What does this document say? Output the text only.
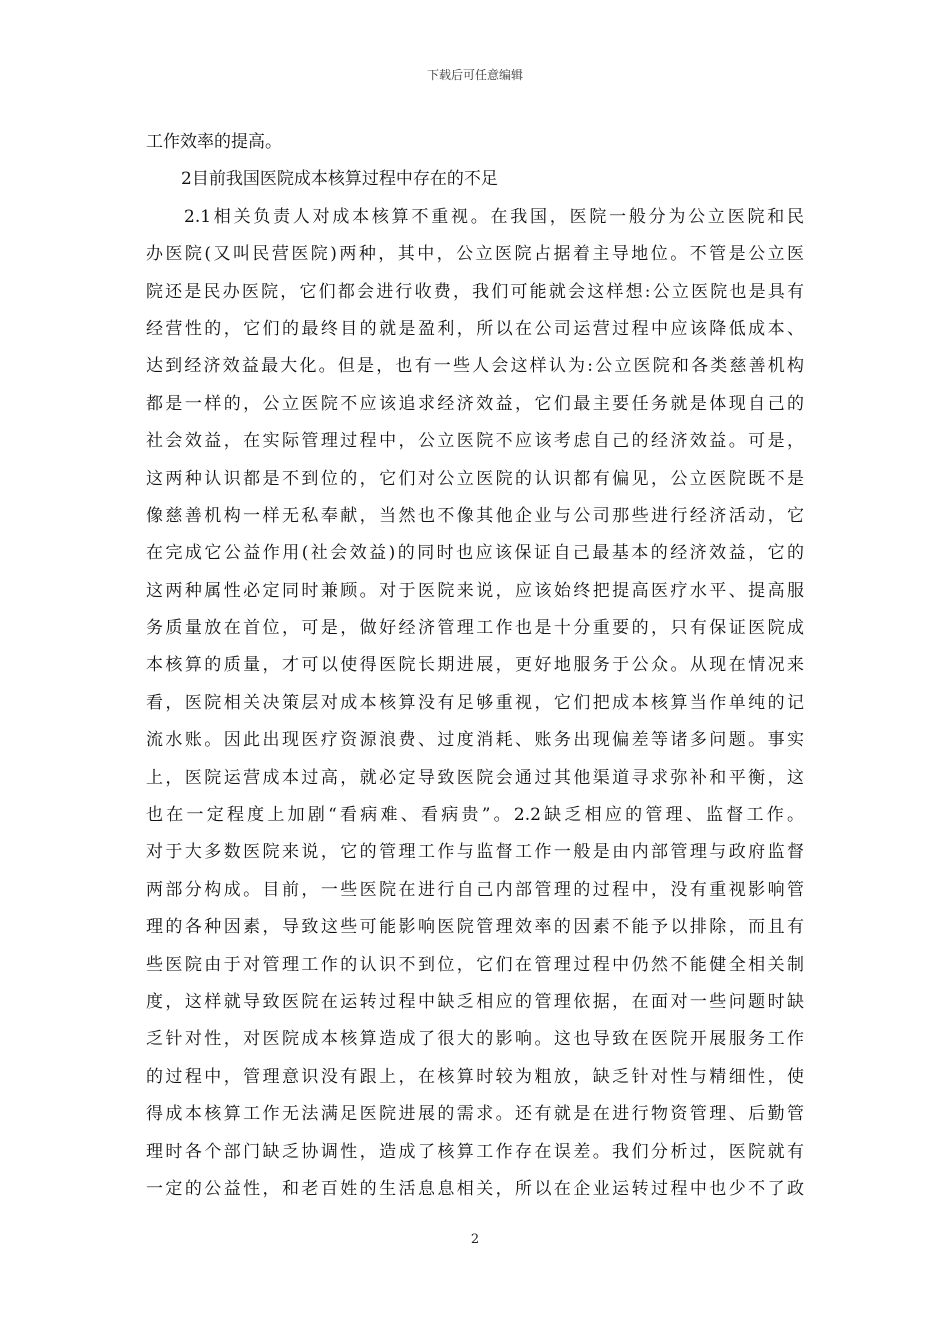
下载后可任意编辑
工作效率的提高。
2目前我国医院成本核算过程中存在的不足
2.1相关负责人对成本核算不重视。在我国，医院一般分为公立医院和民
办医院(又叫民营医院)两种，其中，公立医院占据着主导地位。不管是公立医
院还是民办医院，它们都会进行收费，我们可能就会这样想:公立医院也是具有
经营性的，它们的最终目的就是盈利，所以在公司运营过程中应该降低成本、
达到经济效益最大化。但是，也有一些人会这样认为:公立医院和各类慈善机构
都是一样的，公立医院不应该追求经济效益，它们最主要任务就是体现自己的
社会效益，在实际管理过程中，公立医院不应该考虑自己的经济效益。可是，
这两种认识都是不到位的，它们对公立医院的认识都有偏见，公立医院既不是
像慈善机构一样无私奉献，当然也不像其他企业与公司那些进行经济活动，它
在完成它公益作用(社会效益)的同时也应该保证自己最基本的经济效益，它的
这两种属性必定同时兼顾。对于医院来说，应该始终把提高医疗水平、提高服
务质量放在首位，可是，做好经济管理工作也是十分重要的，只有保证医院成
本核算的质量，才可以使得医院长期进展，更好地服务于公众。从现在情况来
看，医院相关决策层对成本核算没有足够重视，它们把成本核算当作单纯的记
流水账。因此出现医疗资源浪费、过度消耗、账务出现偏差等诸多问题。事实
上，医院运营成本过高，就必定导致医院会通过其他渠道寻求弥补和平衡，这
也在一定程度上加剧“看病难、看病贵”。2.2缺乏相应的管理、监督工作。
对于大多数医院来说，它的管理工作与监督工作一般是由内部管理与政府监督
两部分构成。目前，一些医院在进行自己内部管理的过程中，没有重视影响管
理的各种因素，导致这些可能影响医院管理效率的因素不能予以排除，而且有
些医院由于对管理工作的认识不到位，它们在管理过程中仍然不能健全相关制
度，这样就导致医院在运转过程中缺乏相应的管理依据，在面对一些问题时缺
乏针对性，对医院成本核算造成了很大的影响。这也导致在医院开展服务工作
的过程中，管理意识没有跟上，在核算时较为粗放，缺乏针对性与精细性，使
得成本核算工作无法满足医院进展的需求。还有就是在进行物资管理、后勤管
理时各个部门缺乏协调性，造成了核算工作存在误差。我们分析过，医院就有
一定的公益性，和老百姓的生活息息相关，所以在企业运转过程中也少不了政
2
